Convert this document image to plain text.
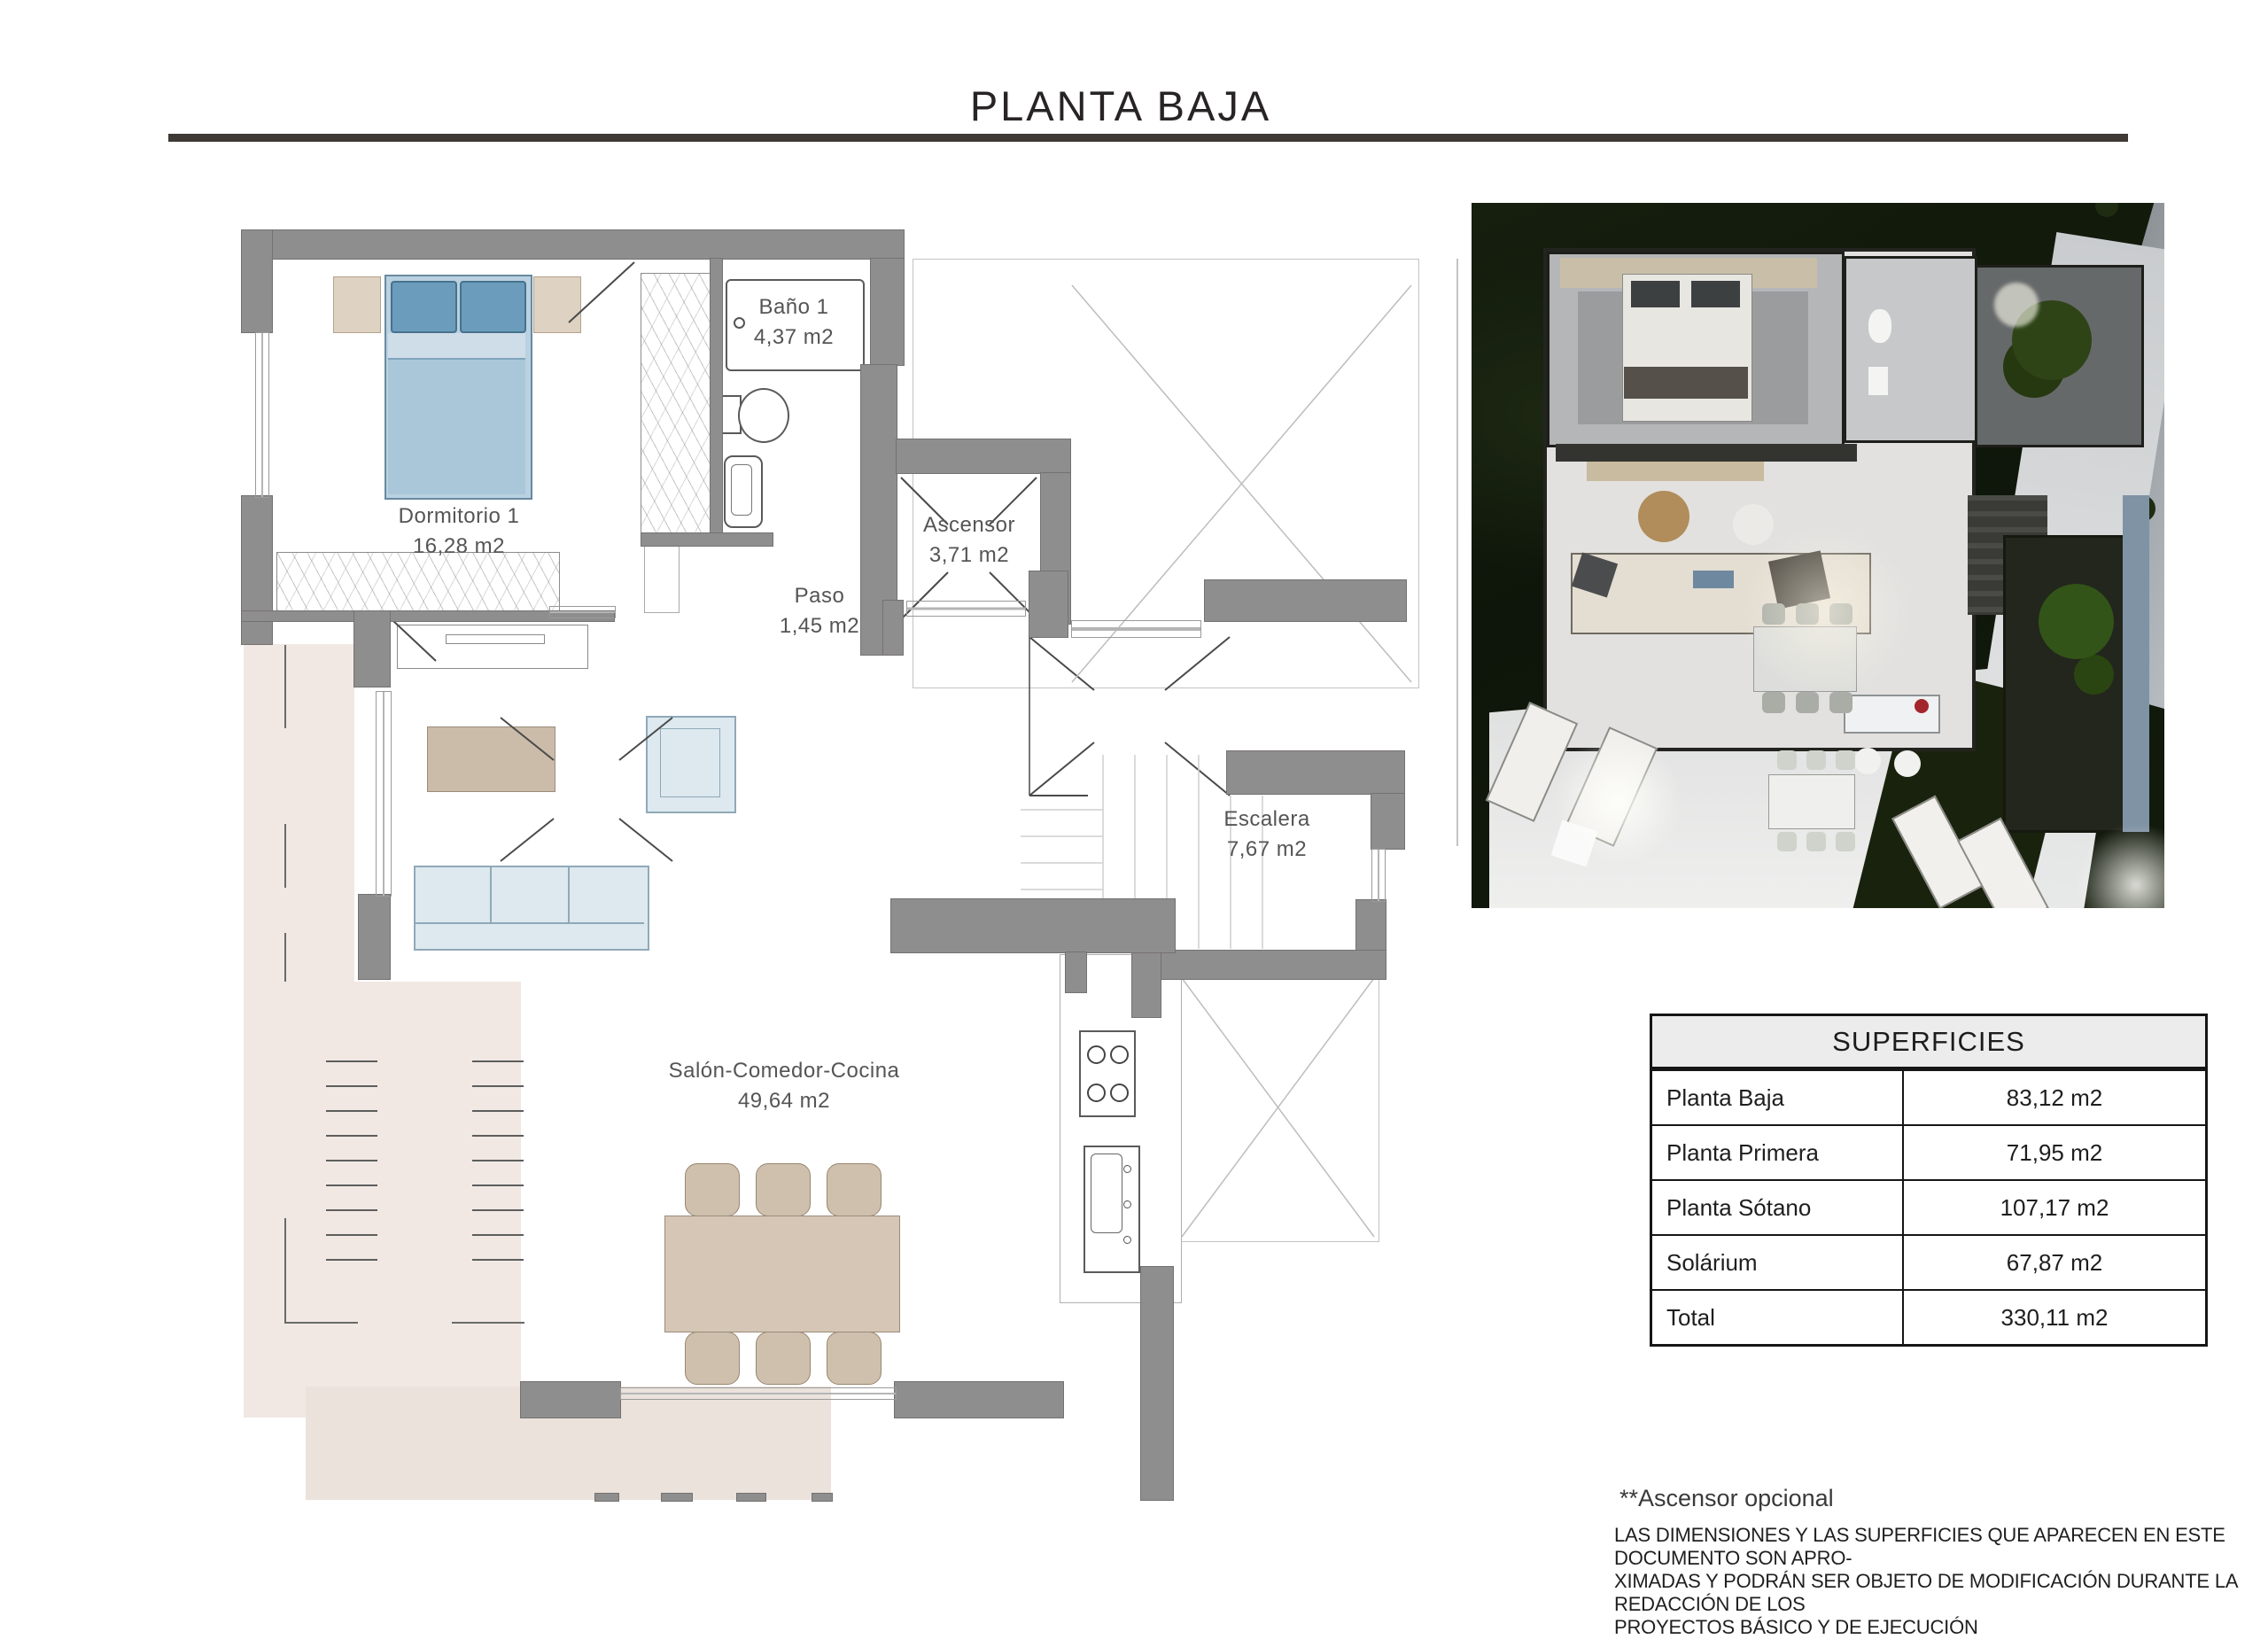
PLANTA BAJA
Dormitorio 1
16,28 m2
Baño 1
4,37 m2
Paso
1,45 m2
Ascensor
3,71 m2
Escalera
7,67 m2
Salón-Comedor-Cocina
49,64 m2
SUPERFICIES
Planta Baja	83,12 m2
Planta Primera	71,95 m2
Planta Sótano	107,17 m2
Solárium	67,87 m2
Total	330,11 m2
**Ascensor opcional
LAS DIMENSIONES Y LAS SUPERFICIES QUE APARECEN EN ESTE DOCUMENTO SON APRO-
XIMADAS Y PODRÁN SER OBJETO DE MODIFICACIÓN DURANTE LA REDACCIÓN DE LOS
PROYECTOS BÁSICO Y DE EJECUCIÓN
